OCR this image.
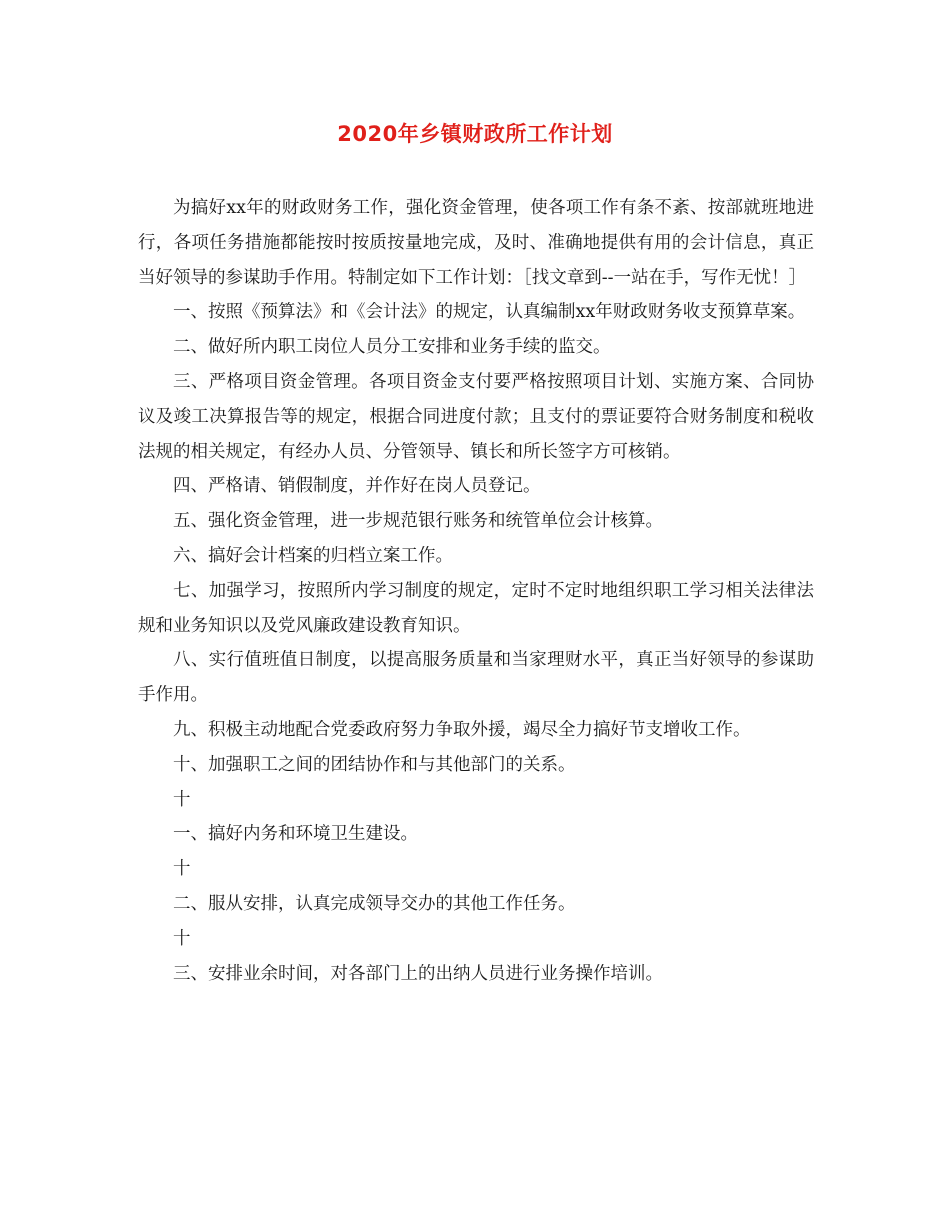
2020年乡镇财政所工作计划

为搞好xx年的财政财务工作，强化资金管理，使各项工作有条不紊、按部就班地进行，各项任务措施都能按时按质按量地完成，及时、准确地提供有用的会计信息，真正当好领导的参谋助手作用。特制定如下工作计划：［找文章到--一站在手，写作无忧！］

一、按照《预算法》和《会计法》的规定，认真编制xx年财政财务收支预算草案。

二、做好所内职工岗位人员分工安排和业务手续的监交。

三、严格项目资金管理。各项目资金支付要严格按照项目计划、实施方案、合同协议及竣工决算报告等的规定，根据合同进度付款；且支付的票证要符合财务制度和税收法规的相关规定，有经办人员、分管领导、镇长和所长签字方可核销。

四、严格请、销假制度，并作好在岗人员登记。

五、强化资金管理，进一步规范银行账务和统管单位会计核算。

六、搞好会计档案的归档立案工作。

七、加强学习，按照所内学习制度的规定，定时不定时地组织职工学习相关法律法规和业务知识以及党风廉政建设教育知识。

八、实行值班值日制度，以提高服务质量和当家理财水平，真正当好领导的参谋助手作用。

九、积极主动地配合党委政府努力争取外援，竭尽全力搞好节支增收工作。

十、加强职工之间的团结协作和与其他部门的关系。

十

一、搞好内务和环境卫生建设。

十

二、服从安排，认真完成领导交办的其他工作任务。

十

三、安排业余时间，对各部门上的出纳人员进行业务操作培训。
